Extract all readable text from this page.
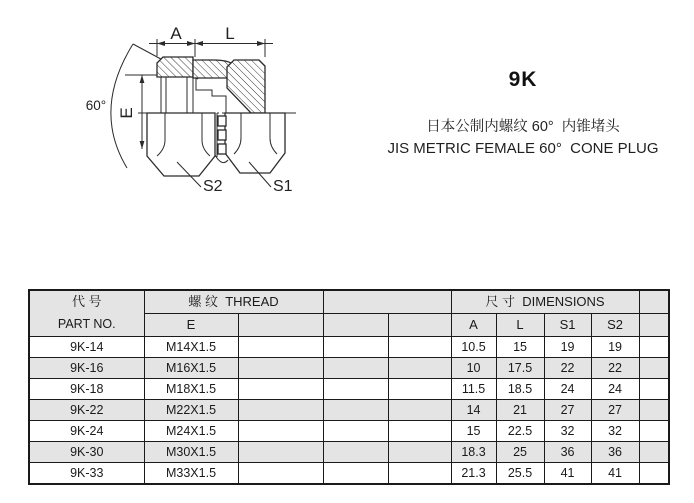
9K
日本公制内螺纹 60°  内锥堵头
JIS METRIC FEMALE 60°  CONE PLUG
A	L
E
60°
S2	S1
代 号
PART NO.	螺 纹  THREAD				尺 寸  DIMENSIONS				
	E				A	L	S1	S2	
9K-14	M14X1.5				10.5	15	19	19	
9K-16	M16X1.5				10	17.5	22	22	
9K-18	M18X1.5				11.5	18.5	24	24	
9K-22	M22X1.5				14	21	27	27	
9K-24	M24X1.5				15	22.5	32	32	
9K-30	M30X1.5				18.3	25	36	36	
9K-33	M33X1.5				21.3	25.5	41	41	
